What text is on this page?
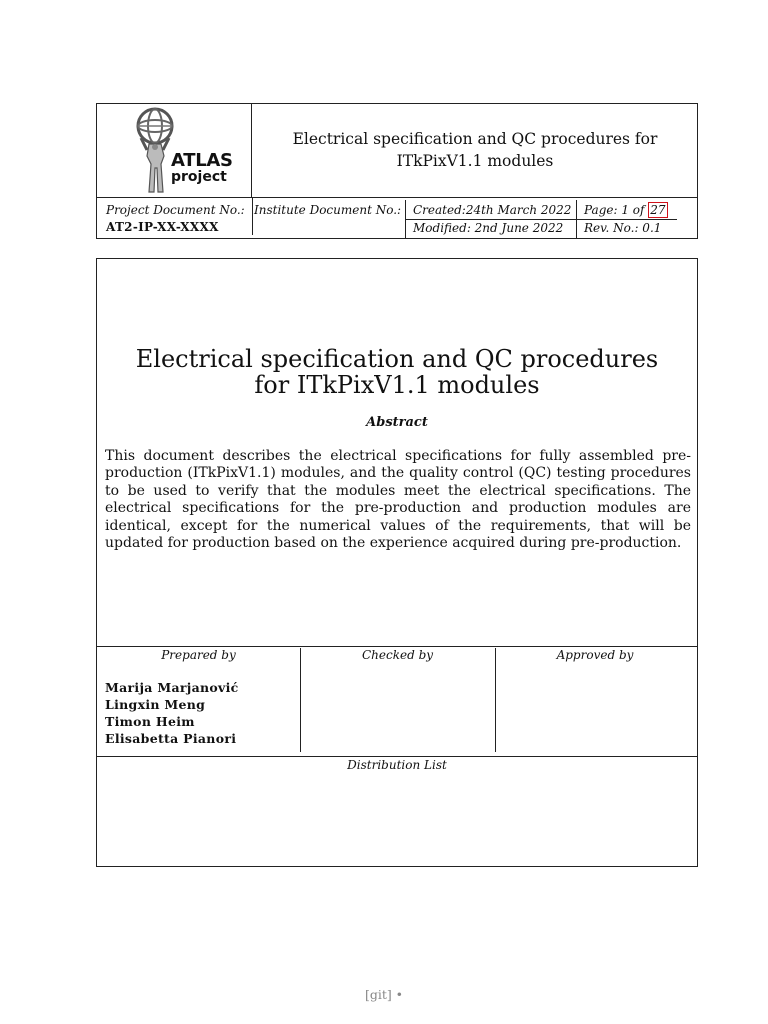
ATLAS
project
Electrical specification and QC procedures for
ITkPixV1.1 modules
Project Document No.:
AT2-IP-XX-XXXX
Institute Document No.: Created:24th March 2022
Modified: 2nd June 2022
Page: 1 of 27
Rev. No.: 0.1
Electrical specification and QC procedures
for ITkPixV1.1 modules
Abstract
This document describes the electrical specifications for fully assembled pre-production (ITkPixV1.1) modules, and the quality control (QC) testing procedures to be used to verify that the modules meet the electrical specifications. The electrical specifications for the pre-production and production modules are identical, except for the numerical values of the requirements, that will be updated for production based on the experience acquired during pre-production.
Prepared by	Checked by	Approved by
Marija Marjanović
Lingxin Meng
Timon Heim
Elisabetta Pianori
Distribution List
[git] •
